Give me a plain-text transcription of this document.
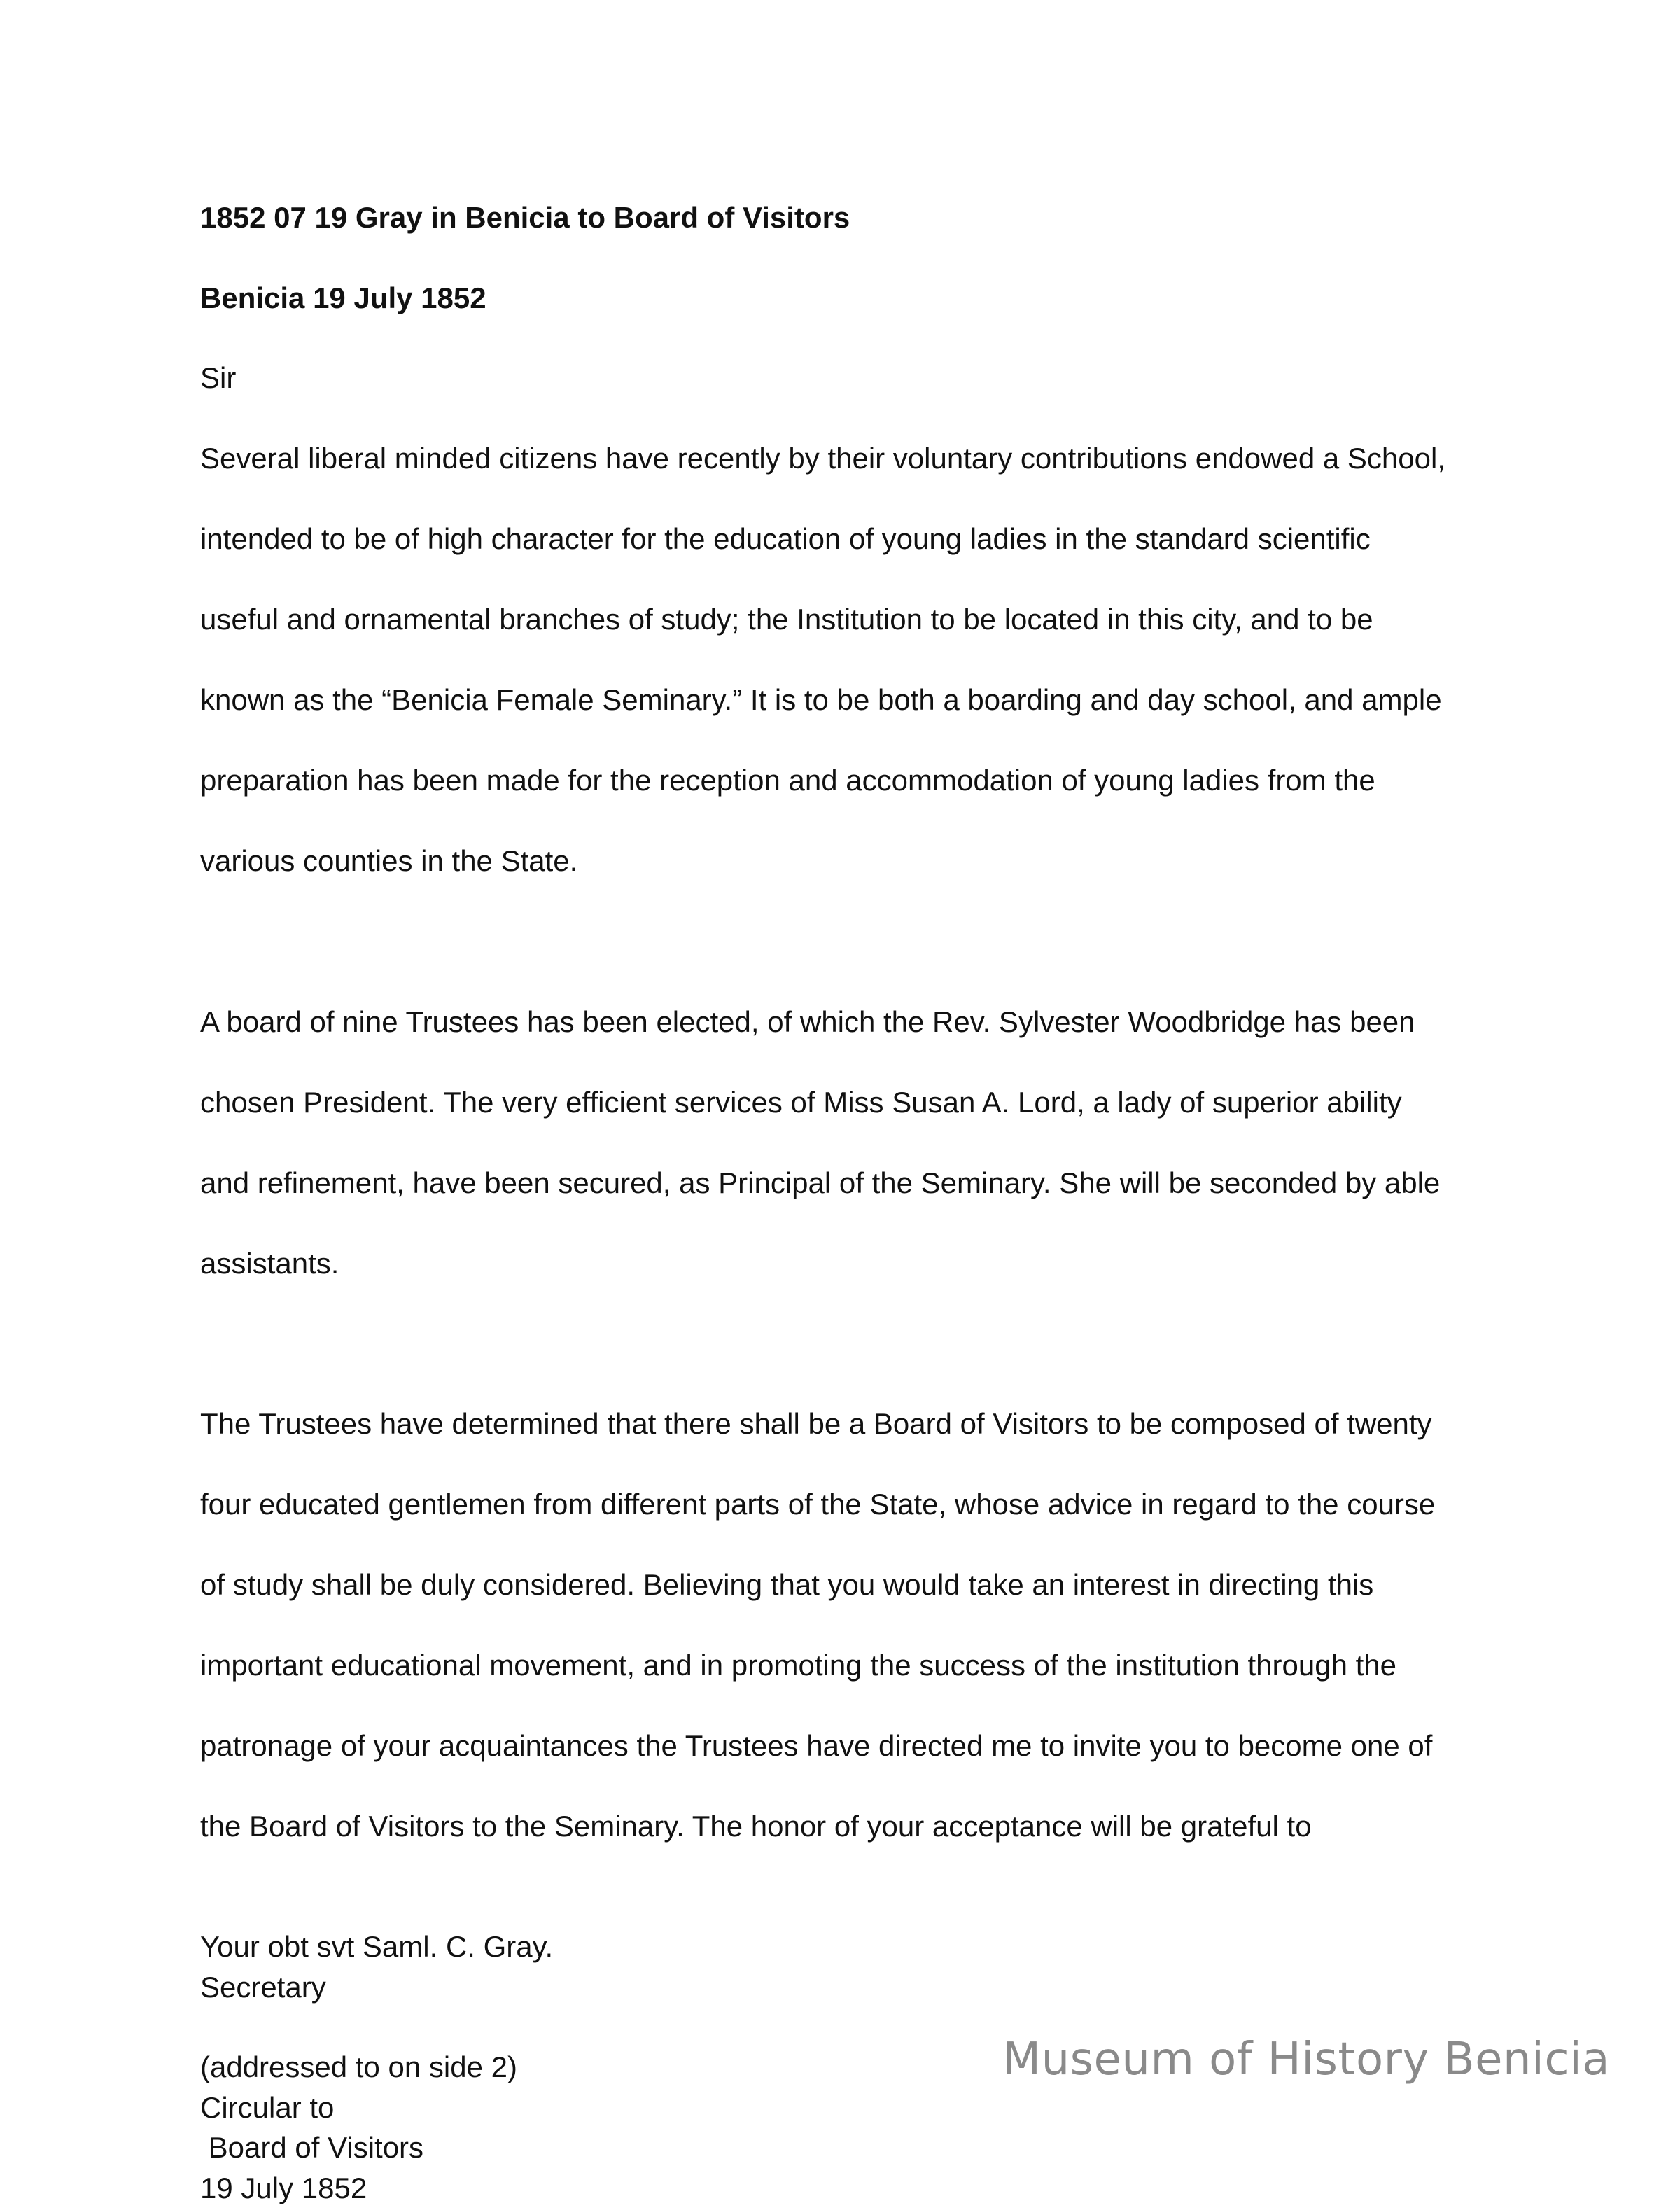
1852 07 19 Gray in Benicia to Board of Visitors

Benicia 19 July 1852

Sir

Several liberal minded citizens have recently by their voluntary contributions endowed a School,

intended to be of high character for the education of young ladies in the standard scientific

useful and ornamental branches of study; the Institution to be located in this city, and to be

known as the “Benicia Female Seminary.” It is to be both a boarding and day school, and ample

preparation has been made for the reception and accommodation of young ladies from the

various counties in the State.

A board of nine Trustees has been elected, of which the Rev. Sylvester Woodbridge has been

chosen President. The very efficient services of Miss Susan A. Lord, a lady of superior ability

and refinement, have been secured, as Principal of the Seminary. She will be seconded by able

assistants.

The Trustees have determined that there shall be a Board of Visitors to be composed of twenty

four educated gentlemen from different parts of the State, whose advice in regard to the course

of study shall be duly considered. Believing that you would take an interest in directing this

important educational movement, and in promoting the success of the institution through the

patronage of your acquaintances the Trustees have directed me to invite you to become one of

the Board of Visitors to the Seminary. The honor of your acceptance will be grateful to

Your obt svt Saml. C. Gray.
Secretary
(addressed to on side 2)
Circular to
Board of Visitors
19 July 1852
Museum of History Benicia
